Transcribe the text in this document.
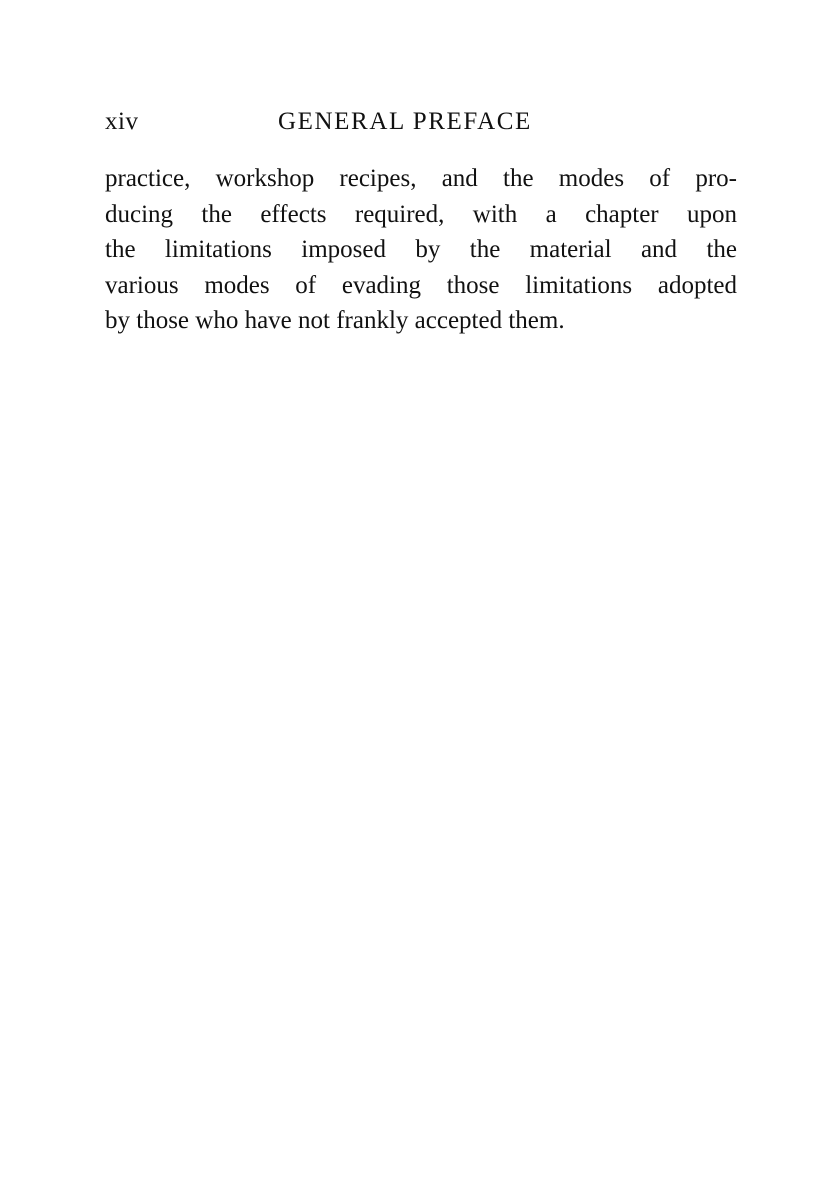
xiv	GENERAL PREFACE
practice, workshop recipes, and the modes of pro-
ducing the effects required, with a chapter upon
the limitations imposed by the material and the
various modes of evading those limitations adopted
by those who have not frankly accepted them.
